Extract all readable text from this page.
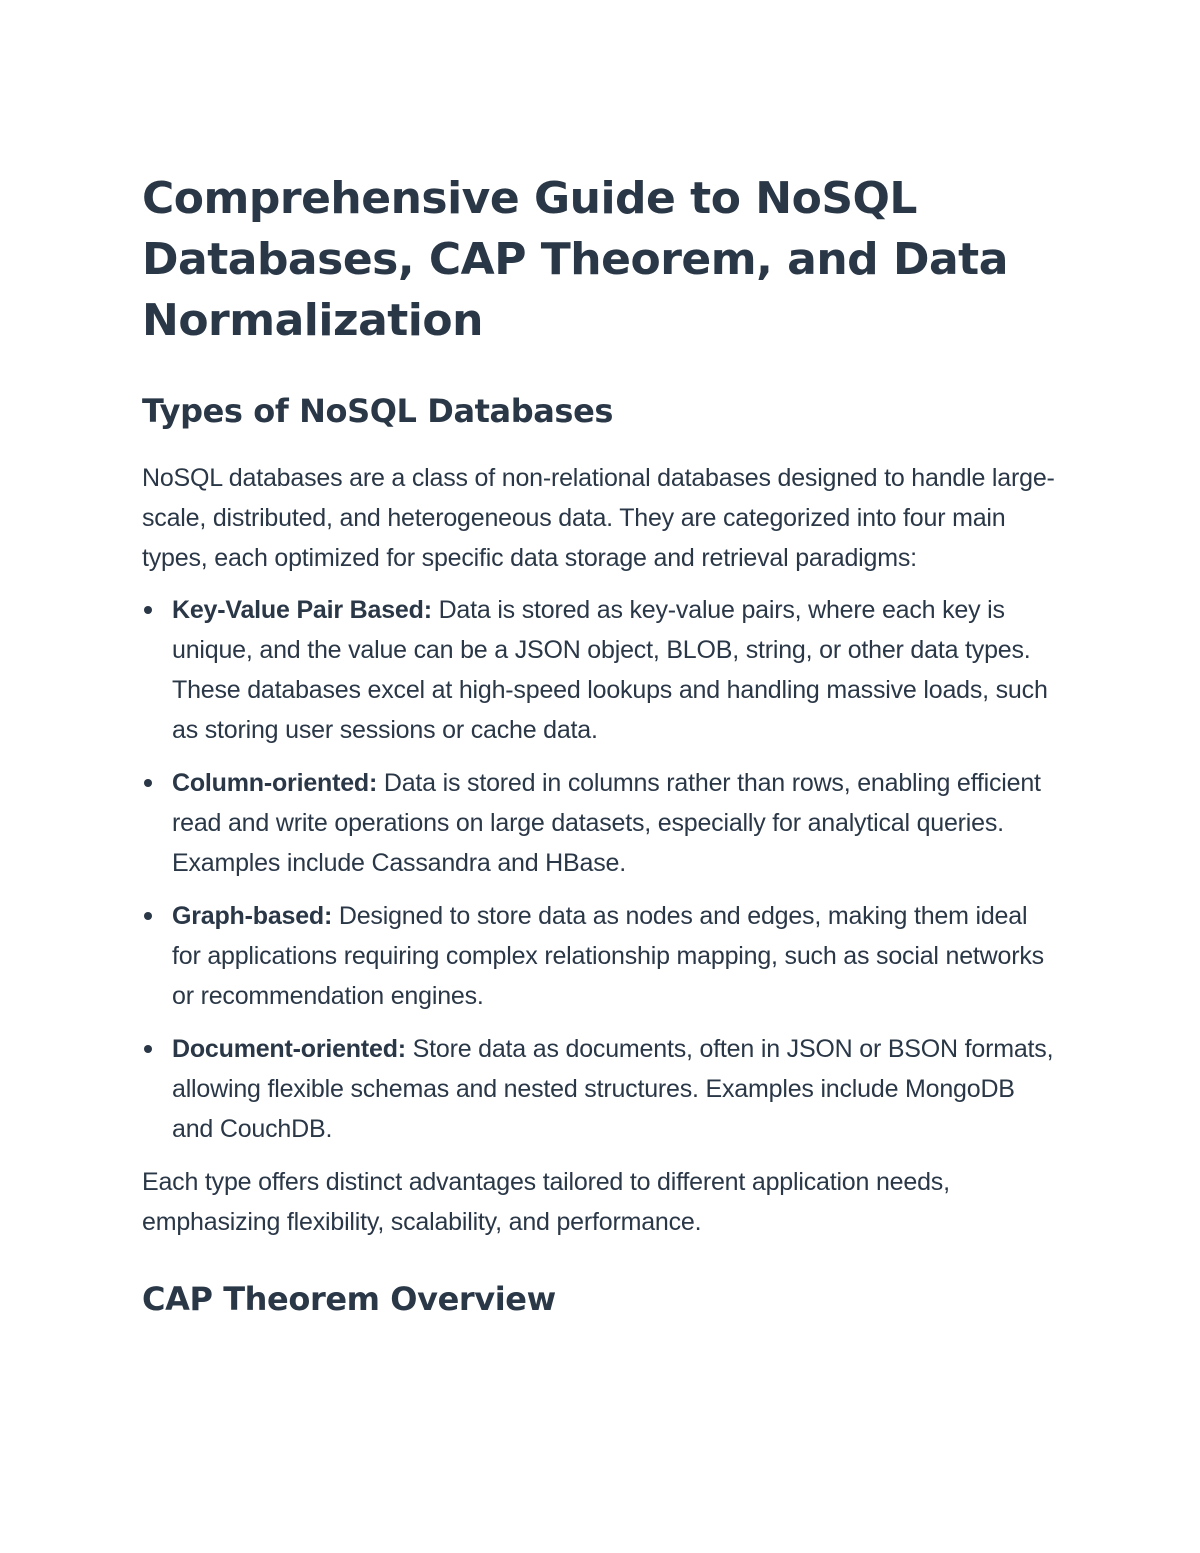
Comprehensive Guide to NoSQL Databases, CAP Theorem, and Data Normalization
Types of NoSQL Databases

NoSQL databases are a class of non-relational databases designed to handle large-scale, distributed, and heterogeneous data. They are categorized into four main types, each optimized for specific data storage and retrieval paradigms:

Key-Value Pair Based: Data is stored as key-value pairs, where each key is unique, and the value can be a JSON object, BLOB, string, or other data types. These databases excel at high-speed lookups and handling massive loads, such as storing user sessions or cache data.
Column-oriented: Data is stored in columns rather than rows, enabling efficient read and write operations on large datasets, especially for analytical queries. Examples include Cassandra and HBase.
Graph-based: Designed to store data as nodes and edges, making them ideal for applications requiring complex relationship mapping, such as social networks or recommendation engines.
Document-oriented: Store data as documents, often in JSON or BSON formats, allowing flexible schemas and nested structures. Examples include MongoDB and CouchDB.

Each type offers distinct advantages tailored to different application needs, emphasizing flexibility, scalability, and performance.

CAP Theorem Overview
